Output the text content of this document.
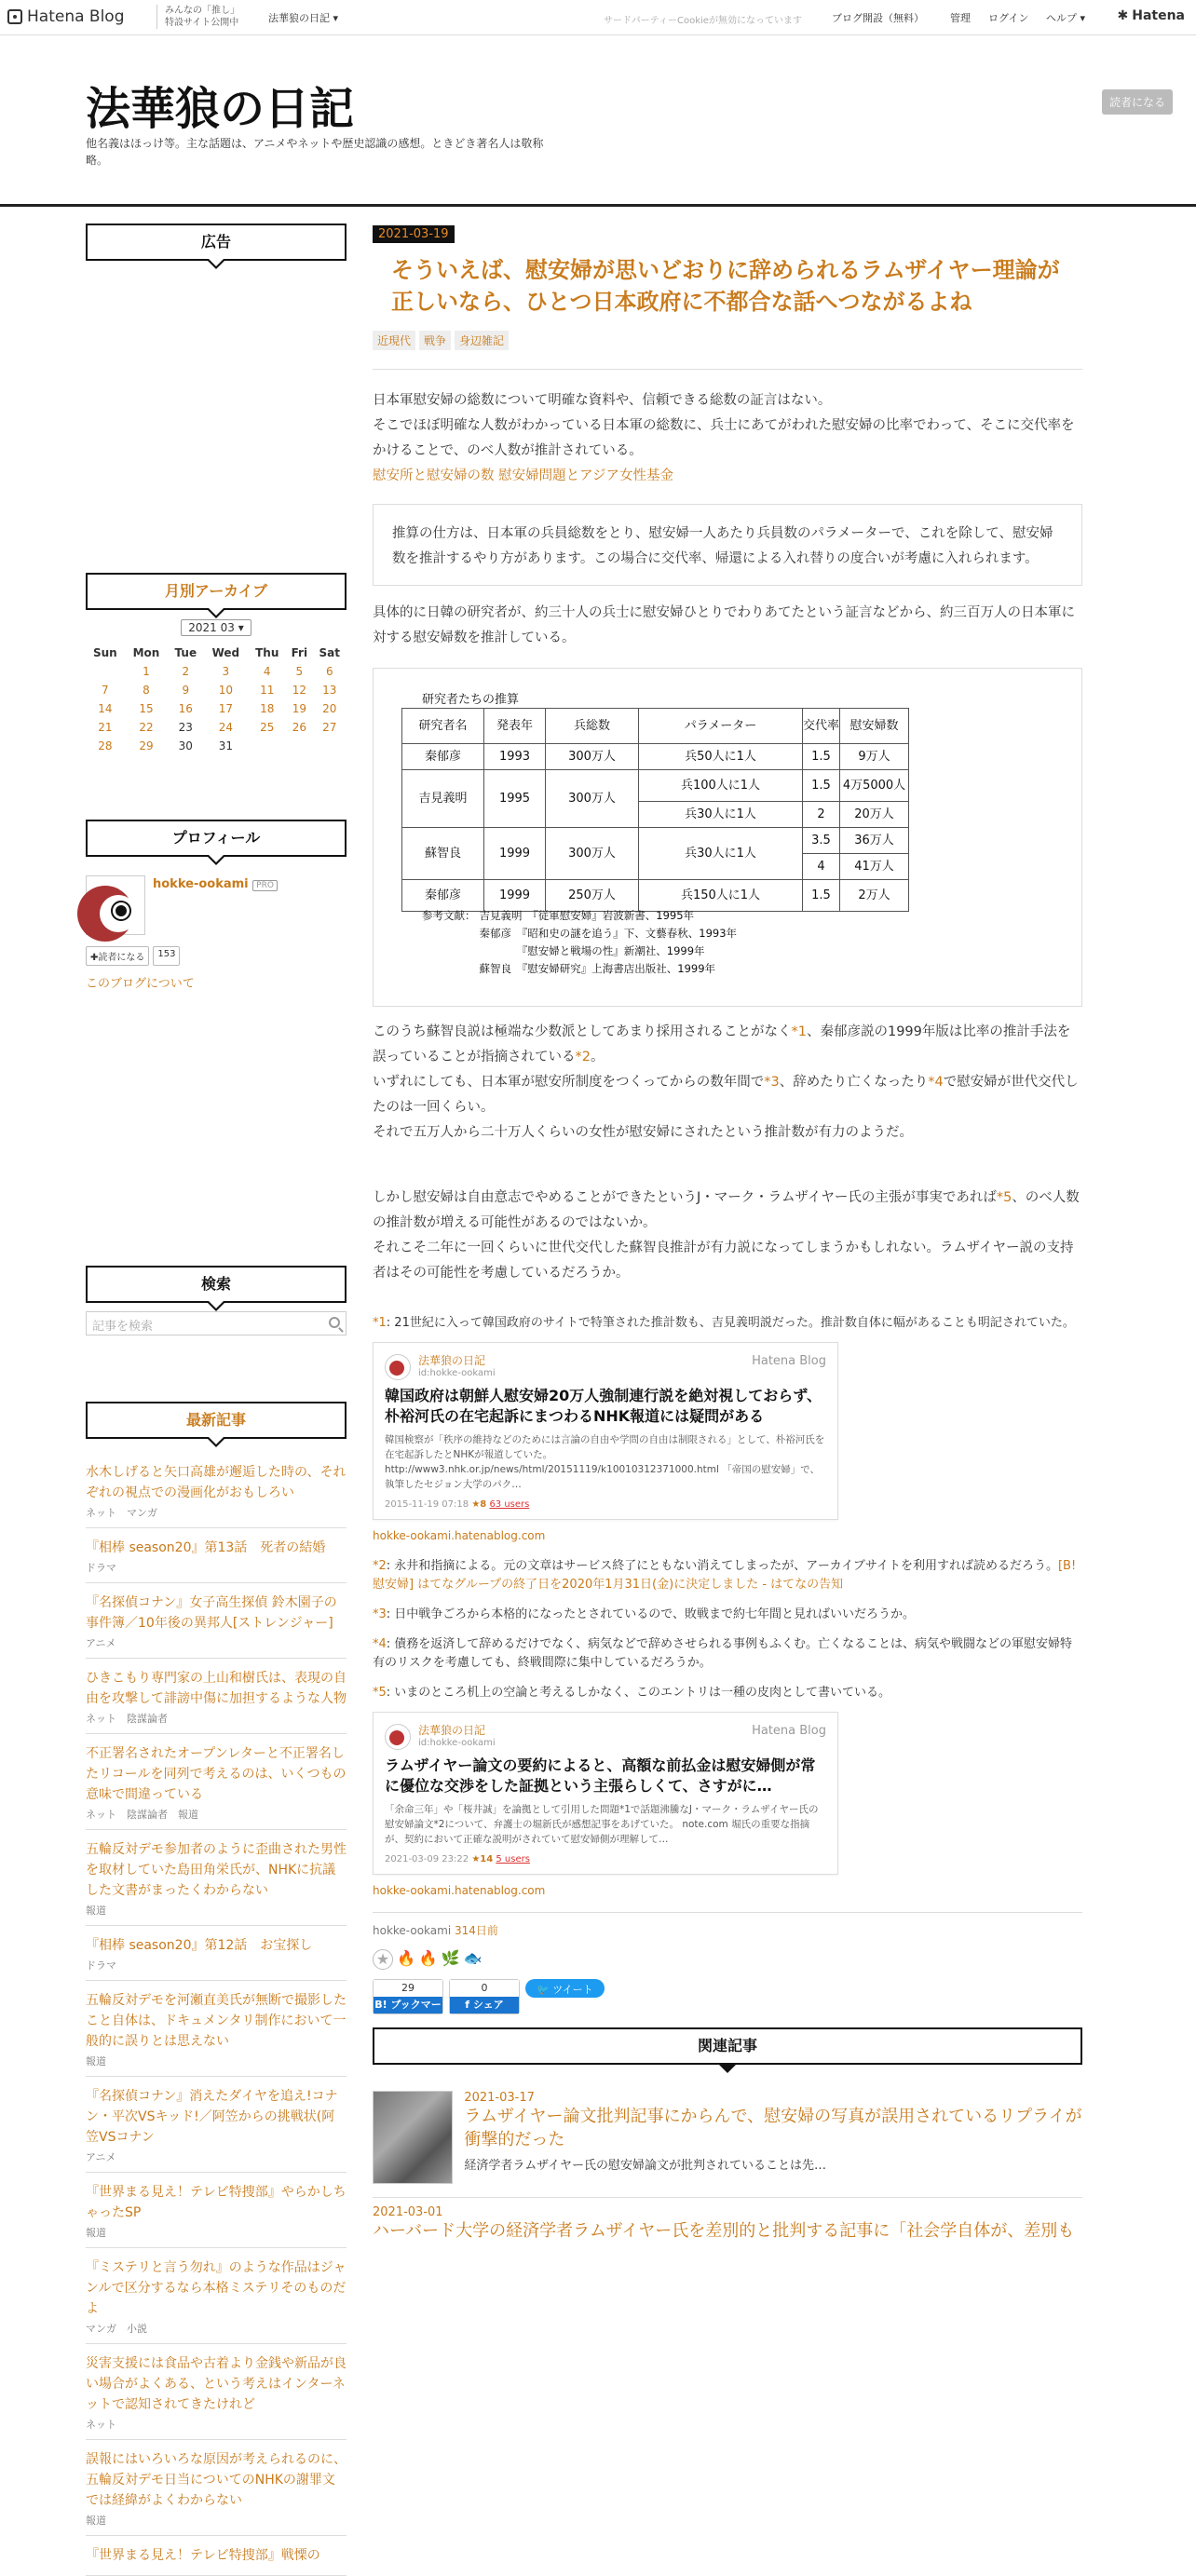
Hatena Blog	みんなの「推し」
特設サイト公開中	法華狼の日記 ▾	サードパーティーCookieが無効になっています	ブログ開設（無料）	管理 ログイン ヘルプ ▾ ✱ Hatena
法華狼の日記
他名義はほっけ等。主な話題は、アニメやネットや歴史認識の感想。ときどき著名人は敬称略。
読者になる
広告
月別アーカイブ
2021 03 ▾
Sun	Mon	Tue	Wed	Thu	Fri	Sat
	1	2	3	4	5	6
7	8	9	10	11	12	13
14	15	16	17	18	19	20
21	22	23	24	25	26	27
28	29	30	31			
プロフィール
hokke-ookami PRO
✚読者になる	153
このブログについて
検索
記事を検索
最新記事
水木しげると矢口高雄が邂逅した時の、それぞれの視点での漫画化がおもしろい
ネット　マンガ
『相棒 season20』第13話　死者の結婚
ドラマ
『名探偵コナン』女子高生探偵 鈴木園子の事件簿／10年後の異邦人[ストレンジャー]
アニメ
ひきこもり専門家の上山和樹氏は、表現の自由を攻撃して誹謗中傷に加担するような人物
ネット　陰謀論者
不正署名されたオープンレターと不正署名したリコールを同列で考えるのは、いくつもの意味で間違っている
ネット　陰謀論者　報道
五輪反対デモ参加者のように歪曲された男性を取材していた島田角栄氏が、NHKに抗議した文書がまったくわからない
報道
『相棒 season20』第12話　お宝探し
ドラマ
五輪反対デモを河瀬直美氏が無断で撮影したこと自体は、ドキュメンタリ制作において一般的に誤りとは思えない
報道
『名探偵コナン』消えたダイヤを追え!コナン・平次VSキッド!／阿笠からの挑戦状(阿笠VSコナン
アニメ
『世界まる見え！テレビ特捜部』やらかしちゃったSP
報道
『ミステリと言う勿れ』のような作品はジャンルで区分するなら本格ミステリそのものだよ
マンガ　小説
災害支援には食品や古着より金銭や新品が良い場合がよくある、という考えはインターネットで認知されてきたけれど
ネット
誤報にはいろいろな原因が考えられるのに、五輪反対デモ日当についてのNHKの謝罪文では経緯がよくわからない
報道
『世界まる見え！テレビ特捜部』戦慄の
2021-03-19
そういえば、慰安婦が思いどおりに辞められるラムザイヤー理論が正しいなら、ひとつ日本政府に不都合な話へつながるよね
近現代	戦争	身辺雑記

日本軍慰安婦の総数について明確な資料や、信頼できる総数の証言はない。

そこでほぼ明確な人数がわかっている日本軍の総数に、兵士にあてがわれた慰安婦の比率でわって、そこに交代率をかけることで、のべ人数が推計されている。

慰安所と慰安婦の数 慰安婦問題とアジア女性基金

推算の仕方は、日本軍の兵員総数をとり、慰安婦一人あたり兵員数のパラメーターで、これを除して、慰安婦数を推計するやり方があります。この場合に交代率、帰還による入れ替りの度合いが考慮に入れられます。

具体的に日韓の研究者が、約三十人の兵士に慰安婦ひとりでわりあてたという証言などから、約三百万人の日本軍に対する慰安婦数を推計している。

研究者たちの推算
研究者名	発表年	兵総数	パラメーター	交代率	慰安婦数
秦郁彦	1993	300万人	兵50人に1人	1.5	9万人
吉見義明	1995	300万人	兵100人に1人	1.5	4万5000人
			兵30人に1人	2	20万人
蘇智良	1999	300万人	兵30人に1人	3.5	36万人
				4	41万人
秦郁彦	1999	250万人	兵150人に1人	1.5	2万人
参考文献： 吉見義明　『従軍慰安婦』岩波新書、1995年
秦郁彦　『昭和史の謎を追う』下、文藝春秋、1993年
　　　　『慰安婦と戦場の性』新潮社、1999年
蘇智良　『慰安婦研究』上海書店出版社、1999年

このうち蘇智良説は極端な少数派としてあまり採用されることがなく*1、秦郁彦説の1999年版は比率の推計手法を誤っていることが指摘されている*2。

いずれにしても、日本軍が慰安所制度をつくってからの数年間で*3、辞めたり亡くなったり*4で慰安婦が世代交代したのは一回くらい。

それで五万人から二十万人くらいの女性が慰安婦にされたという推計数が有力のようだ。

しかし慰安婦は自由意志でやめることができたというJ・マーク・ラムザイヤー氏の主張が事実であれば*5、のべ人数の推計数が増える可能性があるのではないか。

それこそ二年に一回くらいに世代交代した蘇智良推計が有力説になってしまうかもしれない。ラムザイヤー説の支持者はその可能性を考慮しているだろうか。

*1: 21世紀に入って韓国政府のサイトで特筆された推計数も、吉見義明説だった。推計数自体に幅があることも明記されていた。
Hatena Blog
法華狼の日記
id:hokke-ookami
韓国政府は朝鮮人慰安婦20万人強制連行説を絶対視しておらず、朴裕河氏の在宅起訴にまつわるNHK報道には疑問がある
韓国検察が「秩序の維持などのためには言論の自由や学問の自由は制限される」として、朴裕河氏を在宅起訴したとNHKが報道していた。 http://www3.nhk.or.jp/news/html/20151119/k10010312371000.html 「帝国の慰安婦」で、執筆したセジョン大学のパク…
2015-11-19 07:18 ★8 63 users
hokke-ookami.hatenablog.com
*2: 永井和指摘による。元の文章はサービス終了にともない消えてしまったが、アーカイブサイトを利用すれば読めるだろう。[B!慰安婦] はてなグループの終了日を2020年1月31日(金)に決定しました - はてなの告知
*3: 日中戦争ごろから本格的になったとされているので、敗戦まで約七年間と見ればいいだろうか。
*4: 債務を返済して辞めるだけでなく、病気などで辞めさせられる事例もふくむ。亡くなることは、病気や戦闘などの軍慰安婦特有のリスクを考慮しても、終戦間際に集中しているだろうか。
*5: いまのところ机上の空論と考えるしかなく、このエントリは一種の皮肉として書いている。
Hatena Blog
法華狼の日記
id:hokke-ookami
ラムザイヤー論文の要約によると、高額な前払金は慰安婦側が常に優位な交渉をした証拠という主張らしくて、さすがに…
「余命三年」や「桜井誠」を論拠として引用した問題*1で話題沸騰なJ・マーク・ラムザイヤー氏の慰安婦論文*2について、弁護士の堀新氏が感想記事をあげていた。 note.com 堀氏の重要な指摘が、契約において正確な説明がされていて慰安婦側が理解して…
2021-03-09 23:22 ★14 5 users
hokke-ookami.hatenablog.com
hokke-ookami 314日前
★ 🔥 🔥 🌿 🐟
29
B! ブックマーク
0
f シェア
🐦 ツイート
関連記事
2021-03-17
ラムザイヤー論文批判記事にからんで、慰安婦の写真が誤用されているリプライが衝撃的だった
経済学者ラムザイヤー氏の慰安婦論文が批判されていることは先…
2021-03-01
ハーバード大学の経済学者ラムザイヤー氏を差別的と批判する記事に「社会学自体が、差別も
